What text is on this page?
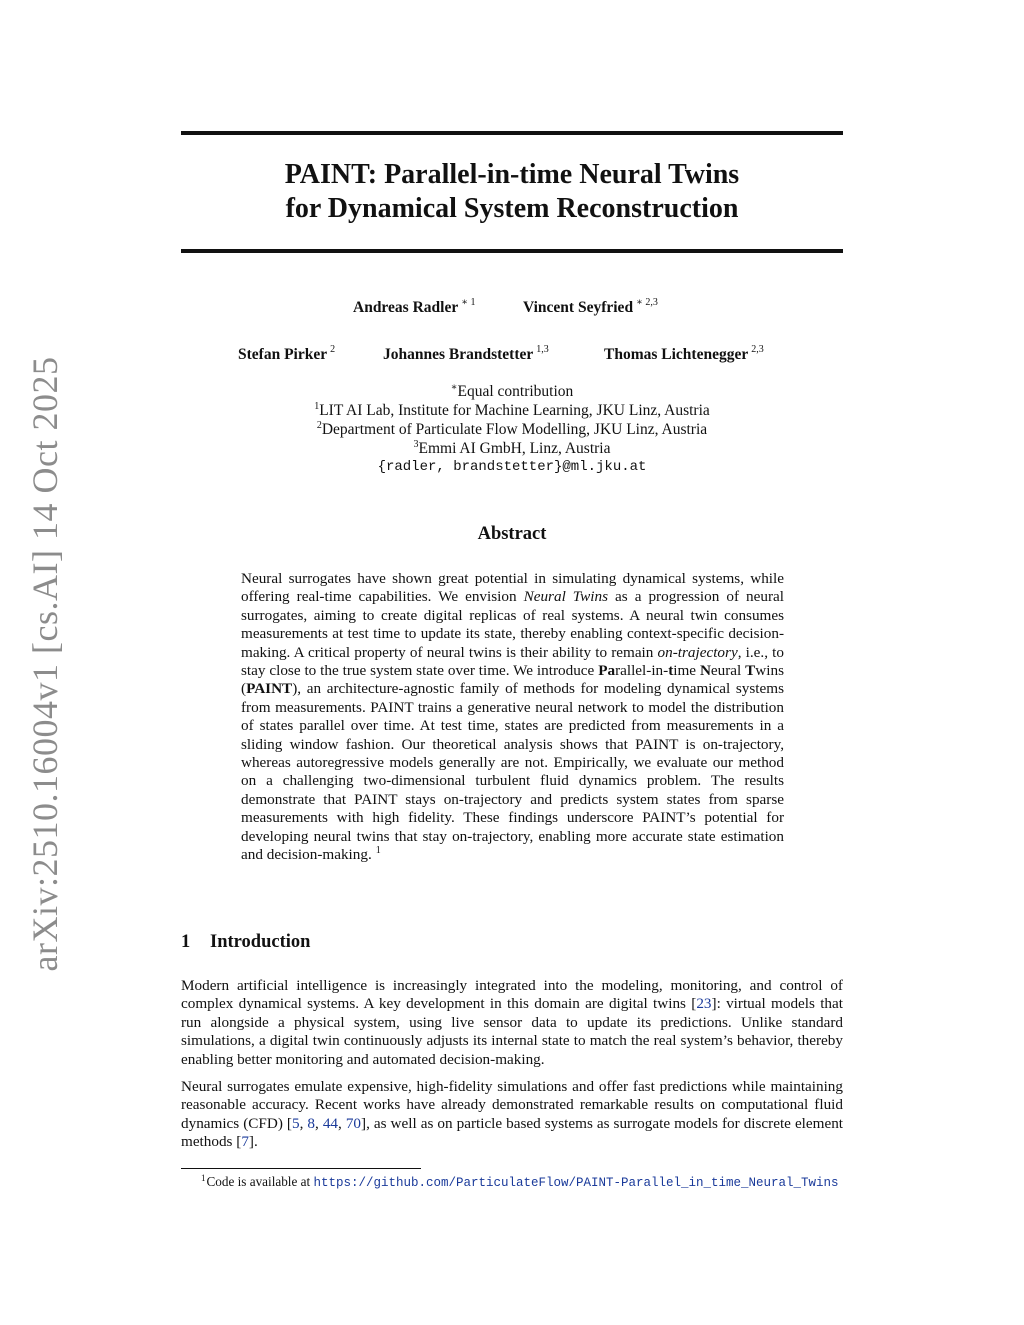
arXiv:2510.16004v1 [cs.AI] 14 Oct 2025
PAINT: Parallel-in-time Neural Twins
for Dynamical System Reconstruction
Andreas Radler $^{∗ 1}$	Vincent Seyfried $^{∗ 2,3}$
Stefan Pirker $^2$	Johannes Brandstetter $^{1,3}$	Thomas Lichtenegger $^{2,3}$
∗Equal contribution
$^1$LIT AI Lab, Institute for Machine Learning, JKU Linz, Austria
$^2$Department of Particulate Flow Modelling, JKU Linz, Austria
$^3$Emmi AI GmbH, Linz, Austria
{radler, brandstetter}@ml.jku.at
Abstract
Neural surrogates have shown great potential in simulating dynamical systems, while offering real-time capabilities. We envision Neural Twins as a progression of neural surrogates, aiming to create digital replicas of real systems. A neural twin consumes measurements at test time to update its state, thereby enabling context-specific decision-making. A critical property of neural twins is their ability to remain on-trajectory, i.e., to stay close to the true system state over time. We introduce Parallel-in-time Neural Twins (PAINT), an architecture-agnostic family of methods for modeling dynamical systems from measurements. PAINT trains a generative neural network to model the distribution of states parallel over time. At test time, states are predicted from measurements in a sliding window fashion. Our theoretical analysis shows that PAINT is on-trajectory, whereas autoregressive models generally are not. Empirically, we evaluate our method on a challenging two-dimensional turbulent fluid dynamics problem. The results demonstrate that PAINT stays on-trajectory and predicts system states from sparse measurements with high fidelity. These findings underscore PAINT’s potential for developing neural twins that stay on-trajectory, enabling more accurate state estimation and decision-making. $^1$
1 Introduction
Modern artificial intelligence is increasingly integrated into the modeling, monitoring, and control of complex dynamical systems. A key development in this domain are digital twins [23]: virtual models that run alongside a physical system, using live sensor data to update its predictions. Unlike standard simulations, a digital twin continuously adjusts its internal state to match the real system’s behavior, thereby enabling better monitoring and automated decision-making.
Neural surrogates emulate expensive, high-fidelity simulations and offer fast predictions while maintaining reasonable accuracy. Recent works have already demonstrated remarkable results on computational fluid dynamics (CFD) [5, 8, 44, 70], as well as on particle based systems as surrogate models for discrete element methods [7].
$^1$Code is available at https://github.com/ParticulateFlow/PAINT-Parallel_in_time_Neural_Twins
